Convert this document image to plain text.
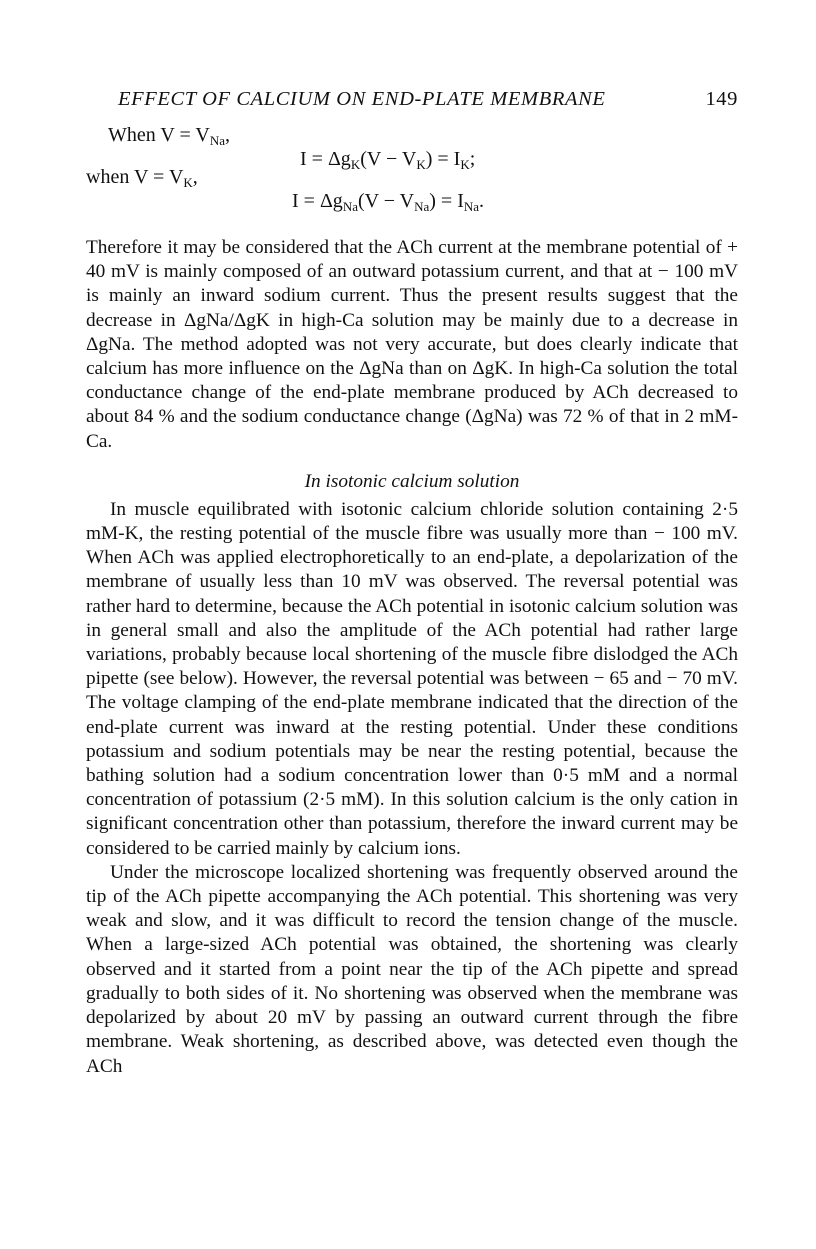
EFFECT OF CALCIUM ON END-PLATE MEMBRANE	149
When $V = V_{Na}$,
$I = \Delta g_K(V - V_K) = I_K$;
when $V = V_K$,
$I = \Delta g_{Na}(V - V_{Na}) = I_{Na}$.

Therefore it may be considered that the ACh current at the membrane potential of + 40 mV is mainly composed of an outward potassium current, and that at − 100 mV is mainly an inward sodium current. Thus the present results suggest that the decrease in ΔgNa/ΔgK in high-Ca solution may be mainly due to a decrease in ΔgNa. The method adopted was not very accurate, but does clearly indicate that calcium has more influence on the ΔgNa than on ΔgK. In high-Ca solution the total conductance change of the end-plate membrane produced by ACh decreased to about 84 % and the sodium conductance change (ΔgNa) was 72 % of that in 2 mM-Ca.

In isotonic calcium solution

In muscle equilibrated with isotonic calcium chloride solution containing 2·5 mM-K, the resting potential of the muscle fibre was usually more than − 100 mV. When ACh was applied electrophoretically to an end-plate, a depolarization of the membrane of usually less than 10 mV was observed. The reversal potential was rather hard to determine, because the ACh potential in isotonic calcium solution was in general small and also the amplitude of the ACh potential had rather large variations, probably because local shortening of the muscle fibre dislodged the ACh pipette (see below). However, the reversal potential was between − 65 and − 70 mV. The voltage clamping of the end-plate membrane indicated that the direction of the end-plate current was inward at the resting potential. Under these conditions potassium and sodium potentials may be near the resting potential, because the bathing solution had a sodium concentration lower than 0·5 mM and a normal concentration of potassium (2·5 mM). In this solution calcium is the only cation in significant concentration other than potassium, therefore the inward current may be considered to be carried mainly by calcium ions.

Under the microscope localized shortening was frequently observed around the tip of the ACh pipette accompanying the ACh potential. This shortening was very weak and slow, and it was difficult to record the tension change of the muscle. When a large-sized ACh potential was obtained, the shortening was clearly observed and it started from a point near the tip of the ACh pipette and spread gradually to both sides of it. No shortening was observed when the membrane was depolarized by about 20 mV by passing an outward current through the fibre membrane. Weak shortening, as described above, was detected even though the ACh
